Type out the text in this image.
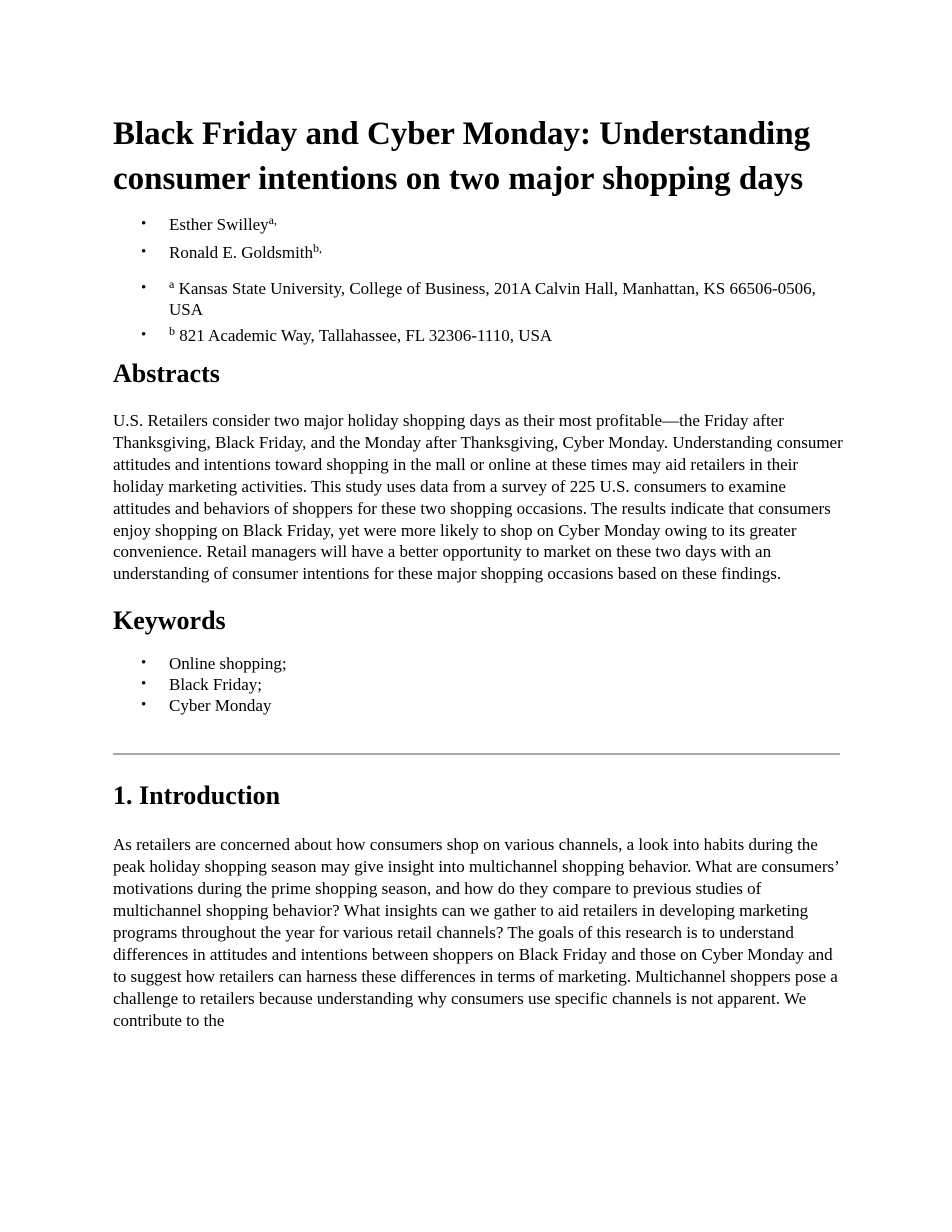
Black Friday and Cyber Monday: Understanding consumer intentions on two major shopping days
• Esther Swilley$^{a,}$
• Ronald E. Goldsmith$^{b,}$
• $^a$ Kansas State University, College of Business, 201A Calvin Hall, Manhattan, KS 66506-0506, USA
• $^b$ 821 Academic Way, Tallahassee, FL 32306-1110, USA
Abstracts

U.S. Retailers consider two major holiday shopping days as their most profitable—the Friday after Thanksgiving, Black Friday, and the Monday after Thanksgiving, Cyber Monday. Understanding consumer attitudes and intentions toward shopping in the mall or online at these times may aid retailers in their holiday marketing activities. This study uses data from a survey of 225 U.S. consumers to examine attitudes and behaviors of shoppers for these two shopping occasions. The results indicate that consumers enjoy shopping on Black Friday, yet were more likely to shop on Cyber Monday owing to its greater convenience. Retail managers will have a better opportunity to market on these two days with an understanding of consumer intentions for these major shopping occasions based on these findings.

Keywords
• Online shopping;
• Black Friday;
• Cyber Monday
1. Introduction

As retailers are concerned about how consumers shop on various channels, a look into habits during the peak holiday shopping season may give insight into multichannel shopping behavior. What are consumers’ motivations during the prime shopping season, and how do they compare to previous studies of multichannel shopping behavior? What insights can we gather to aid retailers in developing marketing programs throughout the year for various retail channels? The goals of this research is to understand differences in attitudes and intentions between shoppers on Black Friday and those on Cyber Monday and to suggest how retailers can harness these differences in terms of marketing. Multichannel shoppers pose a challenge to retailers because understanding why consumers use specific channels is not apparent. We contribute to the
